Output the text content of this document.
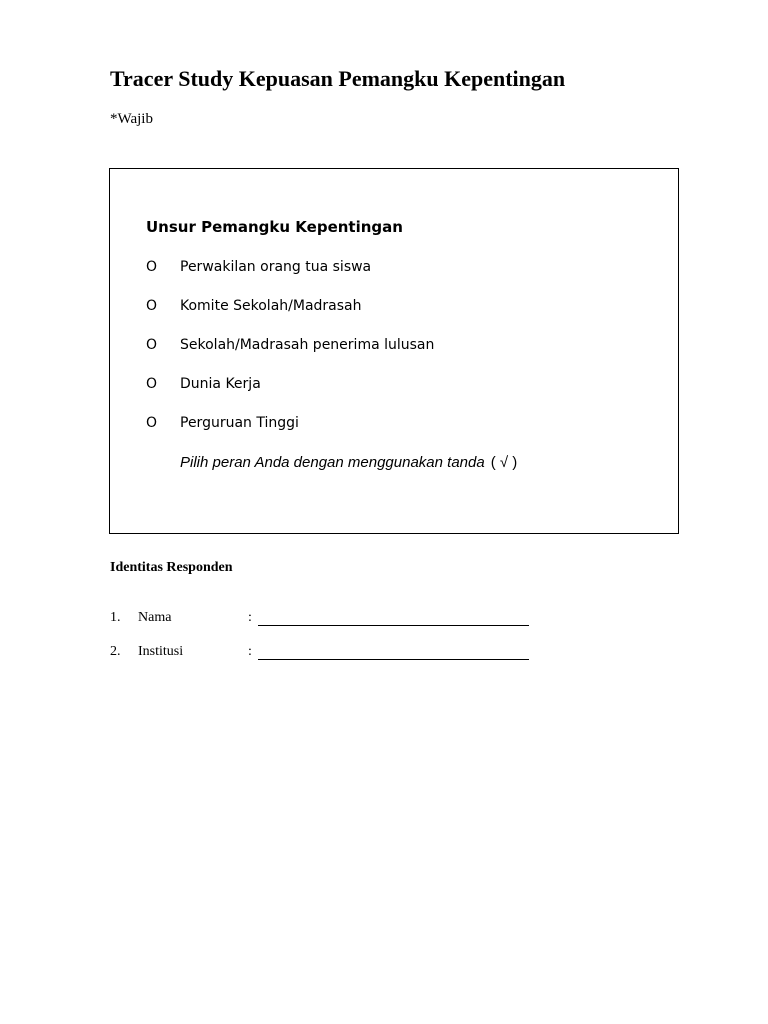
Tracer Study Kepuasan Pemangku Kepentingan
*Wajib
Unsur Pemangku Kepentingan
O Perwakilan orang tua siswa
O Komite Sekolah/Madrasah
O Sekolah/Madrasah penerima lulusan
O Dunia Kerja
O Perguruan Tinggi
Pilih peran Anda dengan menggunakan tanda ( √ )
Identitas Responden
1. Nama	:
2. Institusi	:
